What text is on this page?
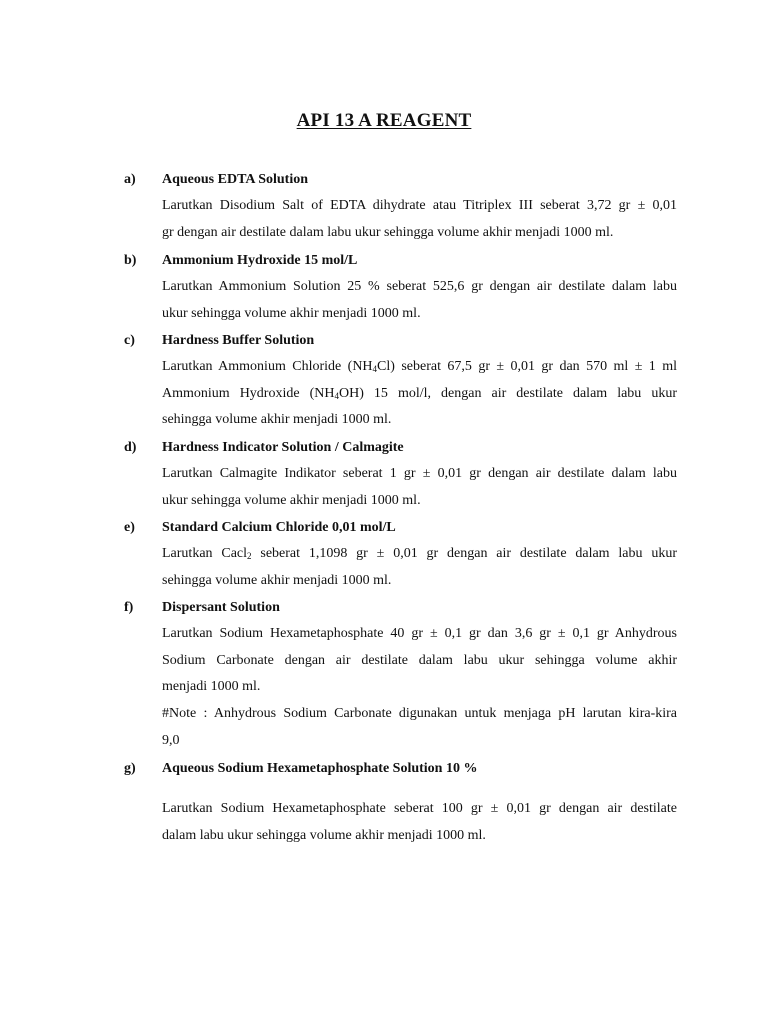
API 13 A REAGENT
a) Aqueous EDTA Solution
Larutkan Disodium Salt of EDTA dihydrate atau Titriplex III seberat 3,72 gr ± 0,01
gr dengan air destilate dalam labu ukur sehingga volume akhir menjadi 1000 ml.
b) Ammonium Hydroxide 15 mol/L
Larutkan Ammonium Solution 25 % seberat 525,6 gr dengan air destilate dalam labu
ukur sehingga volume akhir menjadi 1000 ml.
c) Hardness Buffer Solution
Larutkan Ammonium Chloride $(NH_4Cl)$ seberat 67,5 gr ± 0,01 gr dan 570 ml ± 1 ml
Ammonium Hydroxide $(NH_4OH)$ 15 mol/l, dengan air destilate dalam labu ukur
sehingga volume akhir menjadi 1000 ml.
d) Hardness Indicator Solution / Calmagite
Larutkan Calmagite Indikator seberat 1 gr ± 0,01 gr dengan air destilate dalam labu
ukur sehingga volume akhir menjadi 1000 ml.
e) Standard Calcium Chloride 0,01 mol/L
Larutkan Cacl$_2$ seberat 1,1098 gr ± 0,01 gr dengan air destilate dalam labu ukur
sehingga volume akhir menjadi 1000 ml.
f) Dispersant Solution
Larutkan Sodium Hexametaphosphate 40 gr ± 0,1 gr dan 3,6 gr ± 0,1 gr Anhydrous
Sodium Carbonate dengan air destilate dalam labu ukur sehingga volume akhir
menjadi 1000 ml.
#Note : Anhydrous Sodium Carbonate digunakan untuk menjaga pH larutan kira-kira
9,0
g) Aqueous Sodium Hexametaphosphate Solution 10 %
Larutkan Sodium Hexametaphosphate seberat 100 gr ± 0,01 gr dengan air destilate
dalam labu ukur sehingga volume akhir menjadi 1000 ml.
